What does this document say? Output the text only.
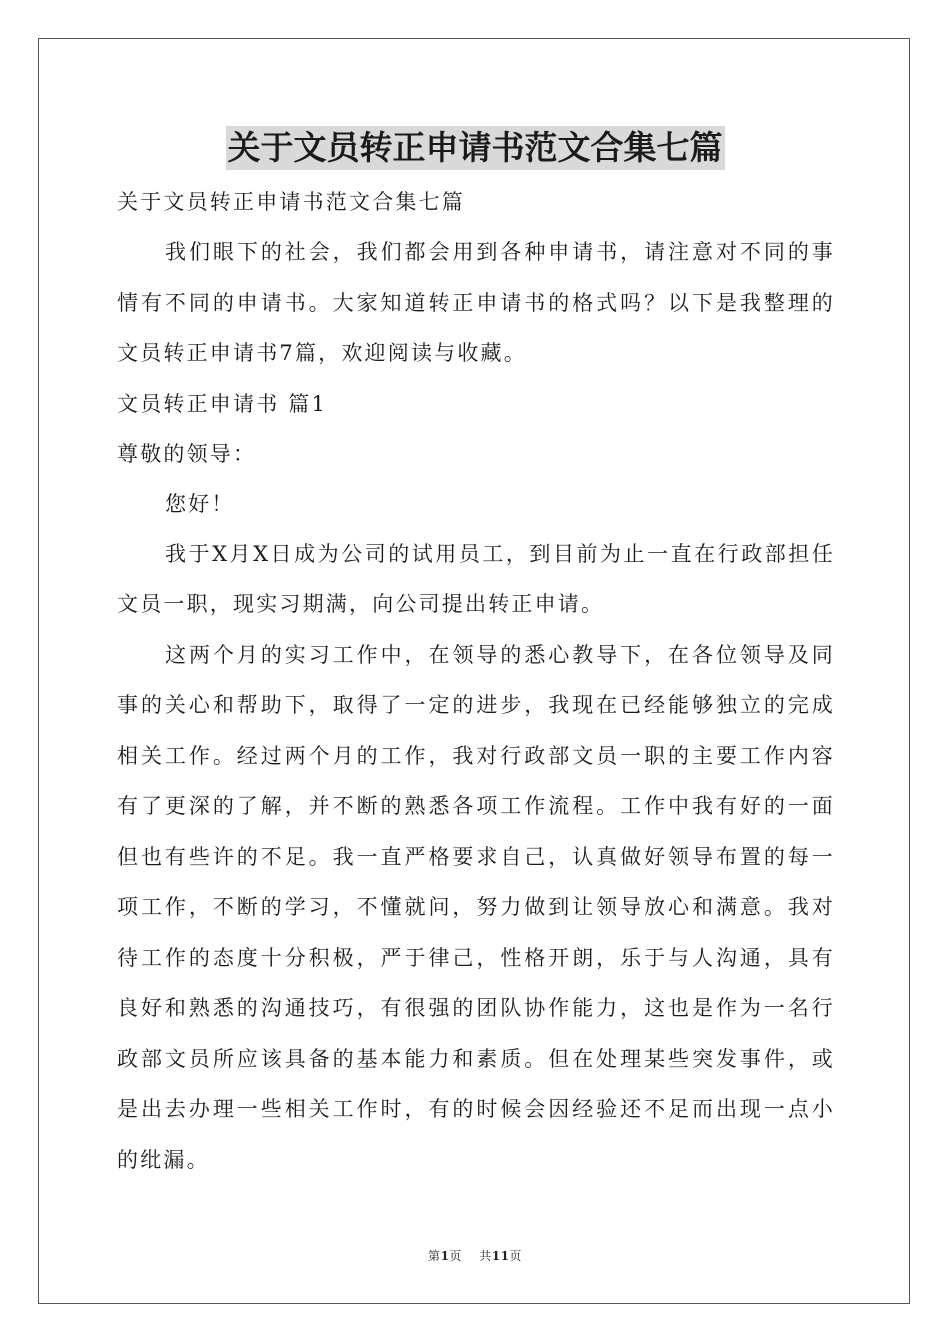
关于文员转正申请书范文合集七篇

关于文员转正申请书范文合集七篇

我们眼下的社会，我们都会用到各种申请书，请注意对不同的事情有不同的申请书。大家知道转正申请书的格式吗？以下是我整理的文员转正申请书7篇，欢迎阅读与收藏。

文员转正申请书 篇1

尊敬的领导：

您好！

我于X月X日成为公司的试用员工，到目前为止一直在行政部担任文员一职，现实习期满，向公司提出转正申请。

这两个月的实习工作中，在领导的悉心教导下，在各位领导及同事的关心和帮助下，取得了一定的进步，我现在已经能够独立的完成相关工作。经过两个月的工作，我对行政部文员一职的主要工作内容有了更深的了解，并不断的熟悉各项工作流程。工作中我有好的一面但也有些许的不足。我一直严格要求自己，认真做好领导布置的每一项工作，不断的学习，不懂就问，努力做到让领导放心和满意。我对待工作的态度十分积极，严于律己，性格开朗，乐于与人沟通，具有良好和熟悉的沟通技巧，有很强的团队协作能力，这也是作为一名行政部文员所应该具备的基本能力和素质。但在处理某些突发事件，或是出去办理一些相关工作时，有的时候会因经验还不足而出现一点小的纰漏。

第1页 共11页
